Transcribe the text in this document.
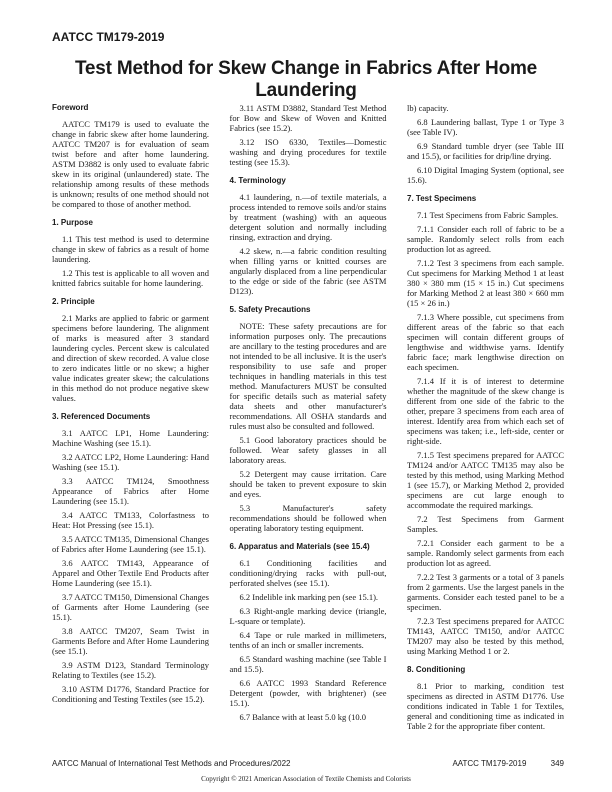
AATCC TM179-2019
Test Method for Skew Change in Fabrics After Home Laundering
Foreword
AATCC TM179 is used to evaluate the change in fabric skew after home laundering. AATCC TM207 is for evaluation of seam twist before and after home laundering. ASTM D3882 is only used to evaluate fabric skew in its original (unlaundered) state. The relationship among results of these methods is unknown; results of one method should not be compared to those of another method.
1. Purpose
1.1 This test method is used to determine change in skew of fabrics as a result of home laundering.
1.2 This test is applicable to all woven and knitted fabrics suitable for home laundering.
2. Principle
2.1 Marks are applied to fabric or garment specimens before laundering. The alignment of marks is measured after 3 standard laundering cycles. Percent skew is calculated and direction of skew recorded. A value close to zero indicates little or no skew; a higher value indicates greater skew; the calculations in this method do not produce negative skew values.
3. Referenced Documents
3.1 AATCC LP1, Home Laundering: Machine Washing (see 15.1).
3.2 AATCC LP2, Home Laundering: Hand Washing (see 15.1).
3.3 AATCC TM124, Smoothness Appearance of Fabrics after Home Laundering (see 15.1).
3.4 AATCC TM133, Colorfastness to Heat: Hot Pressing (see 15.1).
3.5 AATCC TM135, Dimensional Changes of Fabrics after Home Laundering (see 15.1).
3.6 AATCC TM143, Appearance of Apparel and Other Textile End Products after Home Laundering (see 15.1).
3.7 AATCC TM150, Dimensional Changes of Garments after Home Laundering (see 15.1).
3.8 AATCC TM207, Seam Twist in Garments Before and After Home Laundering (see 15.1).
3.9 ASTM D123, Standard Terminology Relating to Textiles (see 15.2).
3.10 ASTM D1776, Standard Practice for Conditioning and Testing Textiles (see 15.2).
3.11 ASTM D3882, Standard Test Method for Bow and Skew of Woven and Knitted Fabrics (see 15.2).
3.12 ISO 6330, Textiles—Domestic washing and drying procedures for textile testing (see 15.3).
4. Terminology
4.1 laundering, n.—of textile materials, a process intended to remove soils and/or stains by treatment (washing) with an aqueous detergent solution and normally including rinsing, extraction and drying.
4.2 skew, n.—a fabric condition resulting when filling yarns or knitted courses are angularly displaced from a line perpendicular to the edge or side of the fabric (see ASTM D123).
5. Safety Precautions
NOTE: These safety precautions are for information purposes only. The precautions are ancillary to the testing procedures and are not intended to be all inclusive. It is the user's responsibility to use safe and proper techniques in handling materials in this test method. Manufacturers MUST be consulted for specific details such as material safety data sheets and other manufacturer's recommendations. All OSHA standards and rules must also be consulted and followed.
5.1 Good laboratory practices should be followed. Wear safety glasses in all laboratory areas.
5.2 Detergent may cause irritation. Care should be taken to prevent exposure to skin and eyes.
5.3 Manufacturer's safety recommendations should be followed when operating laboratory testing equipment.
6. Apparatus and Materials (see 15.4)
6.1 Conditioning facilities and conditioning/drying racks with pull-out, perforated shelves (see 15.1).
6.2 Indelible ink marking pen (see 15.1).
6.3 Right-angle marking device (triangle, L-square or template).
6.4 Tape or rule marked in millimeters, tenths of an inch or smaller increments.
6.5 Standard washing machine (see Table I and 15.5).
6.6 AATCC 1993 Standard Reference Detergent (powder, with brightener) (see 15.1).
6.7 Balance with at least 5.0 kg (10.0
lb) capacity.
6.8 Laundering ballast, Type 1 or Type 3 (see Table IV).
6.9 Standard tumble dryer (see Table III and 15.5), or facilities for drip/line drying.
6.10 Digital Imaging System (optional, see 15.6).
7. Test Specimens
7.1 Test Specimens from Fabric Samples.
7.1.1 Consider each roll of fabric to be a sample. Randomly select rolls from each production lot as agreed.
7.1.2 Test 3 specimens from each sample. Cut specimens for Marking Method 1 at least 380 × 380 mm (15 × 15 in.) Cut specimens for Marking Method 2 at least 380 × 660 mm (15 × 26 in.)
7.1.3 Where possible, cut specimens from different areas of the fabric so that each specimen will contain different groups of lengthwise and widthwise yarns. Identify fabric face; mark lengthwise direction on each specimen.
7.1.4 If it is of interest to determine whether the magnitude of the skew change is different from one side of the fabric to the other, prepare 3 specimens from each area of interest. Identify area from which each set of specimens was taken; i.e., left-side, center or right-side.
7.1.5 Test specimens prepared for AATCC TM124 and/or AATCC TM135 may also be tested by this method, using Marking Method 1 (see 15.7), or Marking Method 2, provided specimens are cut large enough to accommodate the required markings.
7.2 Test Specimens from Garment Samples.
7.2.1 Consider each garment to be a sample. Randomly select garments from each production lot as agreed.
7.2.2 Test 3 garments or a total of 3 panels from 2 garments. Use the largest panels in the garments. Consider each tested panel to be a specimen.
7.2.3 Test specimens prepared for AATCC TM143, AATCC TM150, and/or AATCC TM207 may also be tested by this method, using Marking Method 1 or 2.
8. Conditioning
8.1 Prior to marking, condition test specimens as directed in ASTM D1776. Use conditions indicated in Table 1 for Textiles, general and conditioning time as indicated in Table 2 for the appropriate fiber content.
AATCC Manual of International Test Methods and Procedures/2022	AATCC TM179-2019	349
Copyright © 2021 American Association of Textile Chemists and Colorists
